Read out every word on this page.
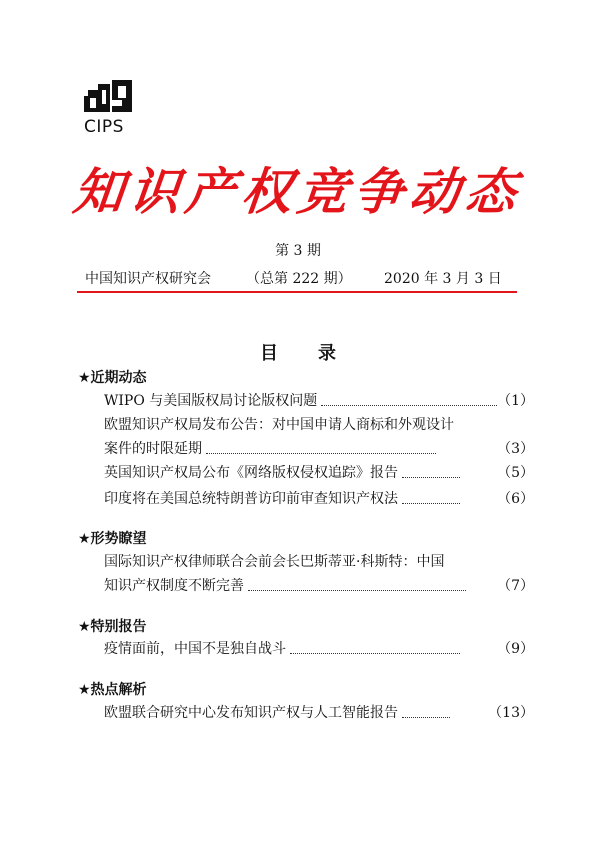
CIPS
知识产权竞争动态
第 3 期
中国知识产权研究会	（总第 222 期） 2020 年 3 月 3 日
目 录
★近期动态
WIPO 与美国版权局讨论版权问题	（1）
欧盟知识产权局发布公告：对中国申请人商标和外观设计
案件的时限延期	（3）
英国知识产权局公布《网络版权侵权追踪》报告	（5）
印度将在美国总统特朗普访印前审查知识产权法	（6）
★形势瞭望
国际知识产权律师联合会前会长巴斯蒂亚·科斯特：中国
知识产权制度不断完善	（7）
★特别报告
疫情面前，中国不是独自战斗	（9）
★热点解析
欧盟联合研究中心发布知识产权与人工智能报告	（13）
